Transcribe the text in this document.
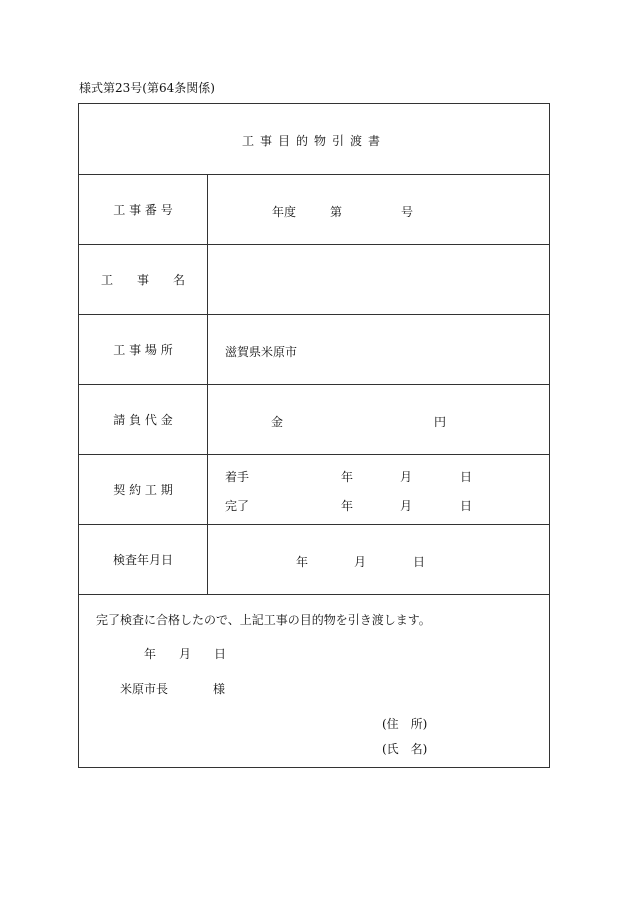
様式第23号(第64条関係)
工事目的物引渡書
工 事 番 号	年度	第	号
工　　事　　名
工 事 場 所	滋賀県米原市
請 負 代 金	金	円
契 約 工 期
着手	年	月	日
完了	年	月	日
検査年月日	年	月	日
完了検査に合格したので、上記工事の目的物を引き渡します。
年 月 日
米原市長	様
(住　所)
(氏　名)
